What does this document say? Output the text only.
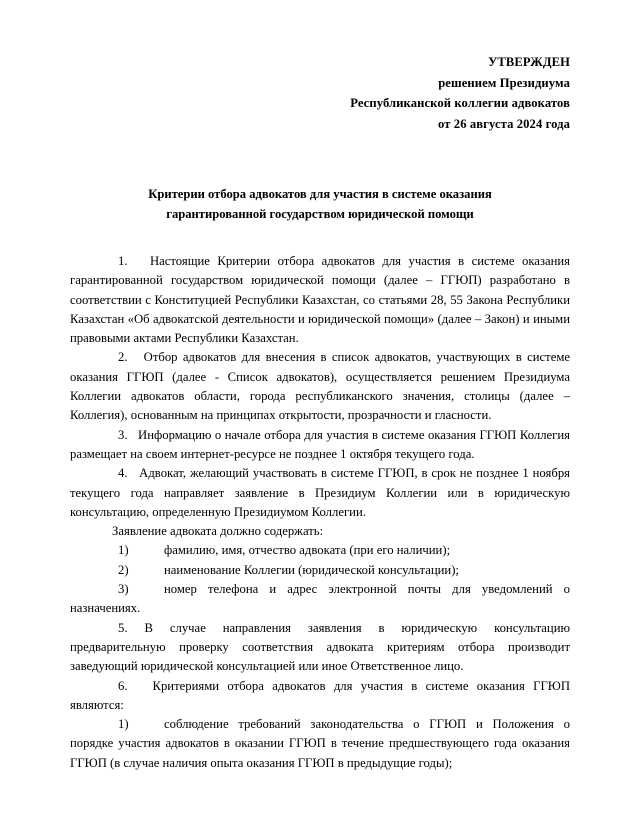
УТВЕРЖДЕН
решением Президиума
Республиканской коллегии адвокатов
от 26 августа 2024 года
Критерии отбора адвокатов для участия в системе оказания
гарантированной государством юридической помощи

1.   Настоящие Критерии отбора адвокатов для участия в системе оказания гарантированной государством юридической помощи (далее – ГГЮП) разработано в соответствии с Конституцией Республики Казахстан, со статьями 28, 55 Закона Республики Казахстан «Об адвокатской деятельности и юридической помощи» (далее – Закон) и иными правовыми актами Республики Казахстан.

2.   Отбор адвокатов для внесения в список адвокатов, участвующих в системе оказания ГГЮП (далее - Список адвокатов), осуществляется решением Президиума Коллегии адвокатов области, города республиканского значения, столицы (далее – Коллегия), основанным на принципах открытости, прозрачности и гласности.

3.   Информацию о начале отбора для участия в системе оказания ГГЮП Коллегия размещает на своем интернет-ресурсе не позднее 1 октября текущего года.

4.   Адвокат, желающий участвовать в системе ГГЮП, в срок не позднее 1 ноября текущего года направляет заявление в Президиум Коллегии или в юридическую консультацию, определенную Президиумом Коллегии.

Заявление адвоката должно содержать:

1)	фамилию, имя, отчество адвоката (при его наличии);

2)	наименование Коллегии (юридической консультации);

3)	номер телефона и адрес электронной почты для уведомлений о назначениях.

5. В случае направления заявления в юридическую консультацию предварительную проверку соответствия адвоката критериям отбора производит заведующий юридической консультацией или иное Ответственное лицо.

6.   Критериями отбора адвокатов для участия в системе оказания ГГЮП являются:

1)	соблюдение требований законодательства о ГГЮП и Положения о порядке участия адвокатов в оказании ГГЮП в течение предшествующего года оказания ГГЮП (в случае наличия опыта оказания ГГЮП в предыдущие годы);
